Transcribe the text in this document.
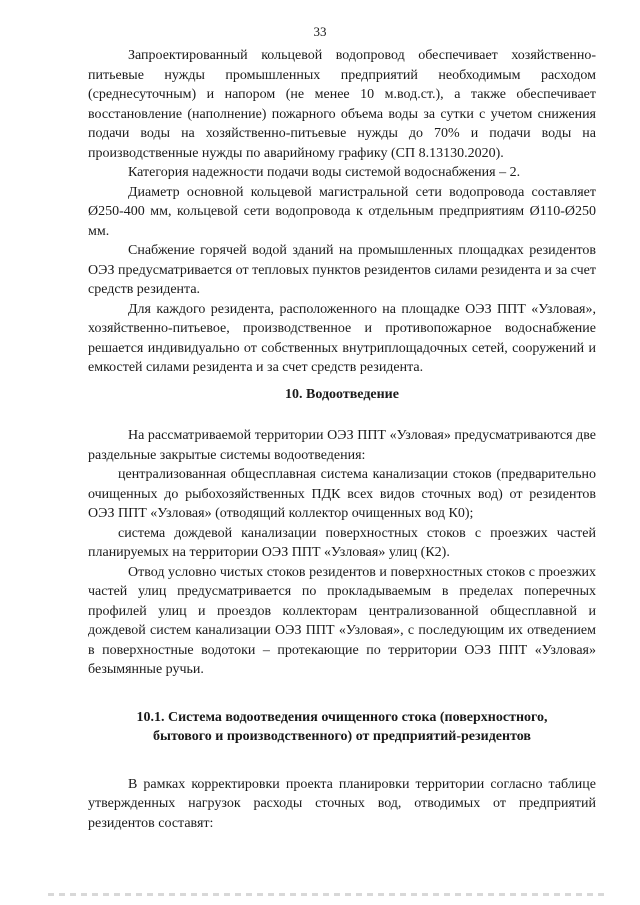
33

Запроектированный кольцевой водопровод обеспечивает хозяйственно-питьевые нужды промышленных предприятий необходимым расходом (среднесуточным) и напором (не менее 10 м.вод.ст.), а также обеспечивает восстановление (наполнение) пожарного объема воды за сутки с учетом снижения подачи воды на хозяйственно-питьевые нужды до 70% и подачи воды на производственные нужды по аварийному графику (СП 8.13130.2020).

Категория надежности подачи воды системой водоснабжения – 2.

Диаметр основной кольцевой магистральной сети водопровода составляет Ø250-400 мм, кольцевой сети водопровода к отдельным предприятиям Ø110-Ø250 мм.

Снабжение горячей водой зданий на промышленных площадках резидентов ОЭЗ предусматривается от тепловых пунктов резидентов силами резидента и за счет средств резидента.

Для каждого резидента, расположенного на площадке ОЭЗ ППТ «Узловая», хозяйственно-питьевое, производственное и противопожарное водоснабжение решается индивидуально от собственных внутриплощадочных сетей, сооружений и емкостей силами резидента и за счет средств резидента.

10. Водоотведение

На рассматриваемой территории ОЭЗ ППТ «Узловая» предусматриваются две раздельные закрытые системы водоотведения:

централизованная общесплавная система канализации стоков (предварительно очищенных до рыбохозяйственных ПДК всех видов сточных вод) от резидентов ОЭЗ ППТ «Узловая» (отводящий коллектор очищенных вод К0);

система дождевой канализации поверхностных стоков с проезжих частей планируемых на территории ОЭЗ ППТ «Узловая» улиц (К2).

Отвод условно чистых стоков резидентов и поверхностных стоков с проезжих частей улиц предусматривается по прокладываемым в пределах поперечных профилей улиц и проездов коллекторам централизованной общесплавной и дождевой систем канализации ОЭЗ ППТ «Узловая», с последующим их отведением в поверхностные водотоки – протекающие по территории ОЭЗ ППТ «Узловая» безымянные ручьи.

10.1. Система водоотведения очищенного стока (поверхностного,
бытового и производственного) от предприятий-резидентов

В рамках корректировки проекта планировки территории согласно таблице утвержденных нагрузок расходы сточных вод, отводимых от предприятий резидентов составят:
